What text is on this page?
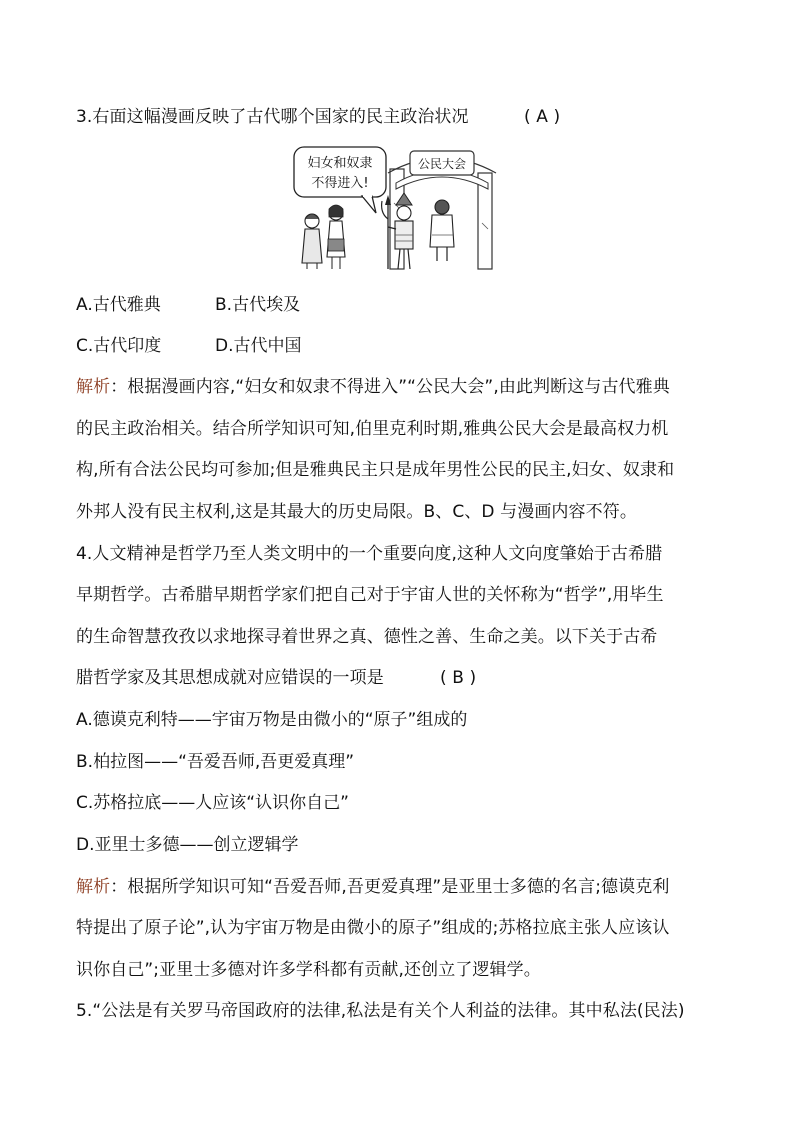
3.右面这幅漫画反映了古代哪个国家的民主政治状况	( A )
妇女和奴隶
不得进入!
公民大会
A.古代雅典	B.古代埃及
C.古代印度	D.古代中国
解析：根据漫画内容,“妇女和奴隶不得进入”“公民大会”,由此判断这与古代雅典
的民主政治相关。结合所学知识可知,伯里克利时期,雅典公民大会是最高权力机
构,所有合法公民均可参加;但是雅典民主只是成年男性公民的民主,妇女、奴隶和
外邦人没有民主权利,这是其最大的历史局限。B、C、D 与漫画内容不符。
4.人文精神是哲学乃至人类文明中的一个重要向度,这种人文向度肇始于古希腊
早期哲学。古希腊早期哲学家们把自己对于宇宙人世的关怀称为“哲学”,用毕生
的生命智慧孜孜以求地探寻着世界之真、德性之善、生命之美。以下关于古希
腊哲学家及其思想成就对应错误的一项是	( B )
A.德谟克利特——宇宙万物是由微小的“原子”组成的
B.柏拉图——“吾爱吾师,吾更爱真理”
C.苏格拉底——人应该“认识你自己”
D.亚里士多德——创立逻辑学
解析：根据所学知识可知“吾爱吾师,吾更爱真理”是亚里士多德的名言;德谟克利
特提出了原子论”,认为宇宙万物是由微小的原子”组成的;苏格拉底主张人应该认
识你自己”;亚里士多德对许多学科都有贡献,还创立了逻辑学。
5.“公法是有关罗马帝国政府的法律,私法是有关个人利益的法律。其中私法(民法)
